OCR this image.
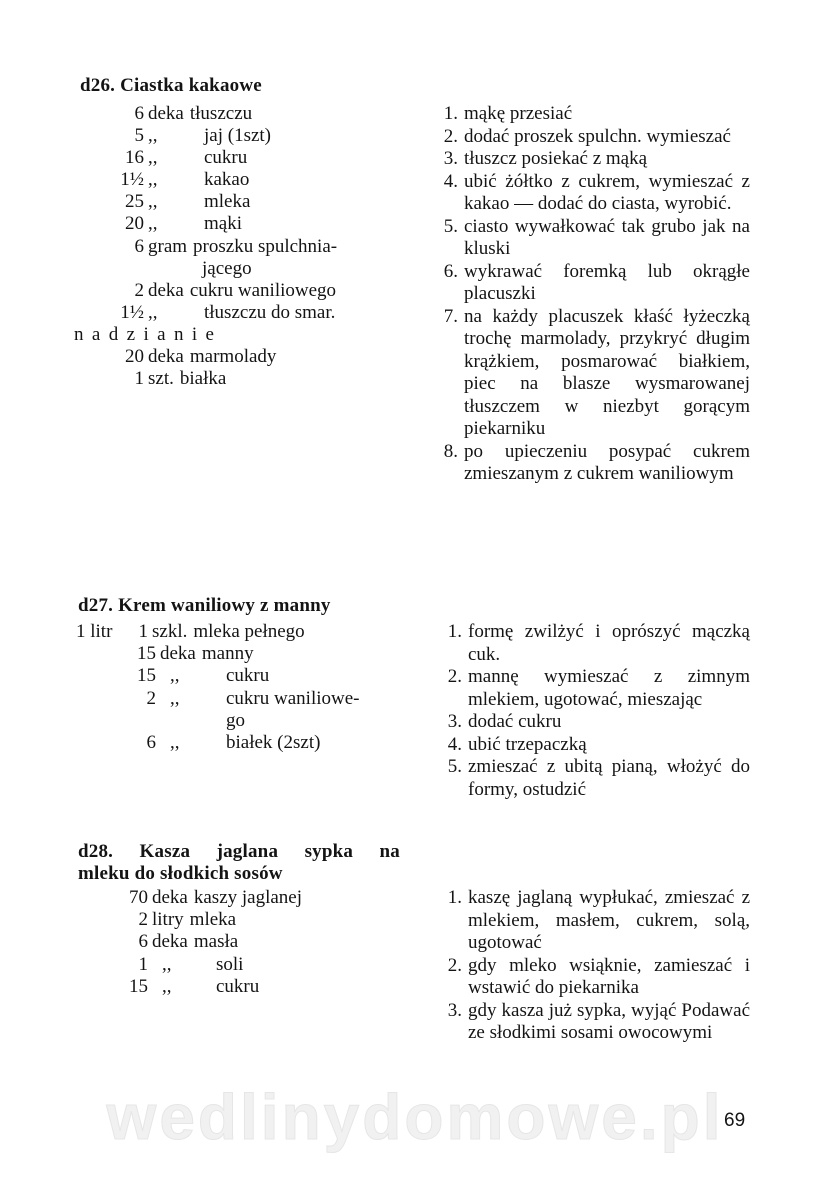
d26. Ciastka kakaowe
6 deka tłuszczu
5 ,, jaj (1szt)
16 ,, cukru
1½ ,, kakao
25 ,, mleka
20 ,, mąki
6 gram proszku spulchnia-
jącego
2 deka cukru waniliowego
1½ ,, tłuszczu do smar.
nadzianie
20 deka marmolady
1 szt. białka
1. mąkę przesiać
2. dodać proszek spulchn. wymieszać
3. tłuszcz posiekać z mąką
4. ubić żółtko z cukrem, wymieszać z kakao — dodać do ciasta, wyrobić.
5. ciasto wywałkować tak grubo jak na kluski
6. wykrawać foremką lub okrągłe placuszki
7. na każdy placuszek kłaść łyżeczką trochę marmolady, przykryć długim krążkiem, posmarować białkiem, piec na blasze wysmarowanej tłuszczem w niezbyt gorącym piekarniku
8. po upieczeniu posypać cukrem zmieszanym z cukrem waniliowym
d27. Krem waniliowy z manny
1 litr	1 szkl. mleka pełnego
15 deka manny
15 ,, cukru
2 ,, cukru waniliowe-
go
6 ,, białek (2szt)
1. formę zwilżyć i oprószyć mączką cuk.
2. mannę wymieszać z zimnym mlekiem, ugotować, mieszając
3. dodać cukru
4. ubić trzepaczką
5. zmieszać z ubitą pianą, włożyć do formy, ostudzić
d28. Kasza jaglana sypka na
mleku do słodkich sosów
70 deka kaszy jaglanej
2 litry mleka
6 deka masła
1 ,, soli
15 ,, cukru
1. kaszę jaglaną wypłukać, zmieszać z mlekiem, masłem, cukrem, solą, ugotować
2. gdy mleko wsiąknie, zamieszać i wstawić do piekarnika
3. gdy kasza już sypka, wyjąć Podawać ze słodkimi sosami owocowymi
wedlinydomowe.pl 69
